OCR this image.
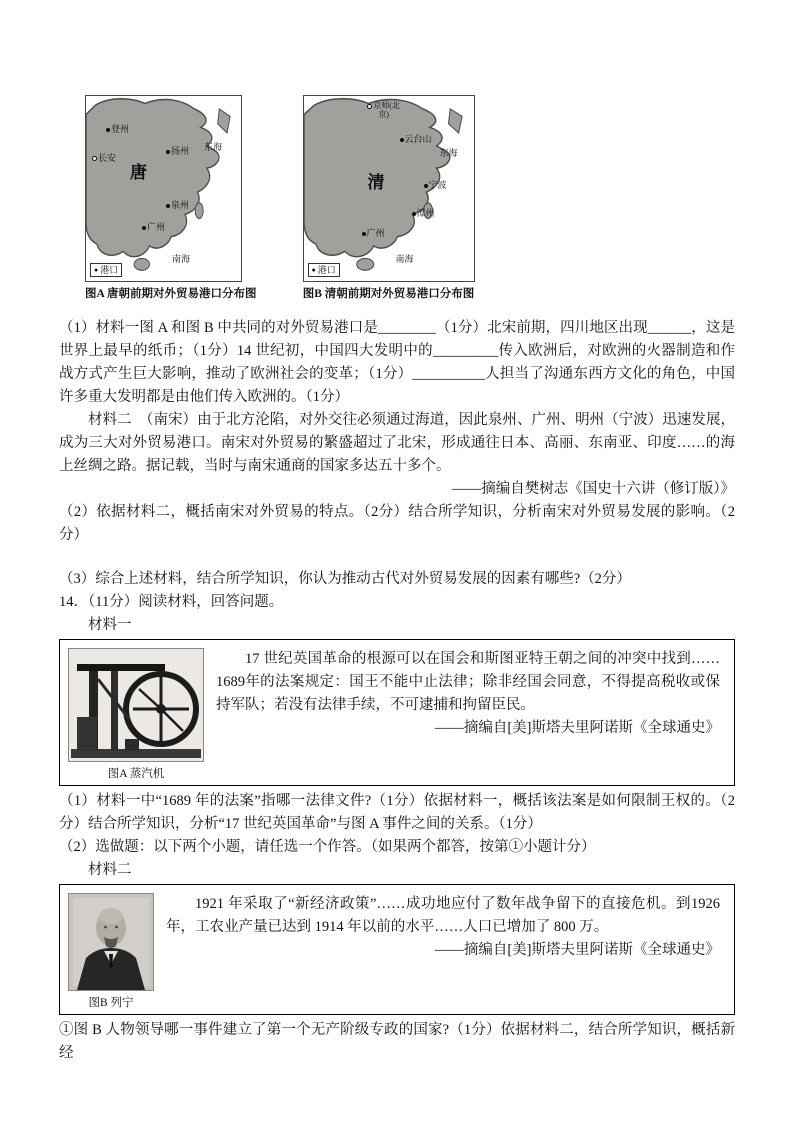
登州
长安
唐
扬州 东海
泉州
广州
南海
● 港口
图A 唐朝前期对外贸易港口分布图
京师(北京)
云台山
东海
清	宁波
漳州
广州
南海
● 港口
图B 清朝前期对外贸易港口分布图

（1）材料一图 A 和图 B 中共同的对外贸易港口是________（1分）北宋前期，四川地区出现______，这是世界上最早的纸币；（1分）14 世纪初，中国四大发明中的_________传入欧洲后，对欧洲的火器制造和作战方式产生巨大影响，推动了欧洲社会的变革；（1分）__________人担当了沟通东西方文化的角色，中国许多重大发明都是由他们传入欧洲的。（1分）

材料二　（南宋）由于北方沦陷，对外交往必须通过海道，因此泉州、广州、明州（宁波）迅速发展，成为三大对外贸易港口。南宋对外贸易的繁盛超过了北宋，形成通往日本、高丽、东南亚、印度……的海上丝绸之路。据记载，当时与南宋通商的国家多达五十多个。

——摘编自樊树志《国史十六讲（修订版）》

（2）依据材料二，概括南宋对外贸易的特点。（2分）结合所学知识，分析南宋对外贸易发展的影响。（2分）

（3）综合上述材料，结合所学知识，你认为推动古代对外贸易发展的因素有哪些?（2分）

14．（11分）阅读材料，回答问题。

材料一

图A 蒸汽机

17 世纪英国革命的根源可以在国会和斯图亚特王朝之间的冲突中找到……1689年的法案规定：国王不能中止法律；除非经国会同意，不得提高税收或保持军队；若没有法律手续，不可逮捕和拘留臣民。

——摘编自[美]斯塔夫里阿诺斯《全球通史》

（1）材料一中“1689 年的法案”指哪一法律文件?（1分）依据材料一，概括该法案是如何限制王权的。（2分）结合所学知识，分析“17 世纪英国革命”与图 A 事件之间的关系。（1分）

（2）选做题：以下两个小题，请任选一个作答。（如果两个都答，按第①小题计分）

材料二

图B 列宁

1921 年采取了“新经济政策”……成功地应付了数年战争留下的直接危机。到1926 年，工农业产量已达到 1914 年以前的水平……人口已增加了 800 万。

——摘编自[美]斯塔夫里阿诺斯《全球通史》

①图 B 人物领导哪一事件建立了第一个无产阶级专政的国家?（1分）依据材料二，结合所学知识，概括新经
